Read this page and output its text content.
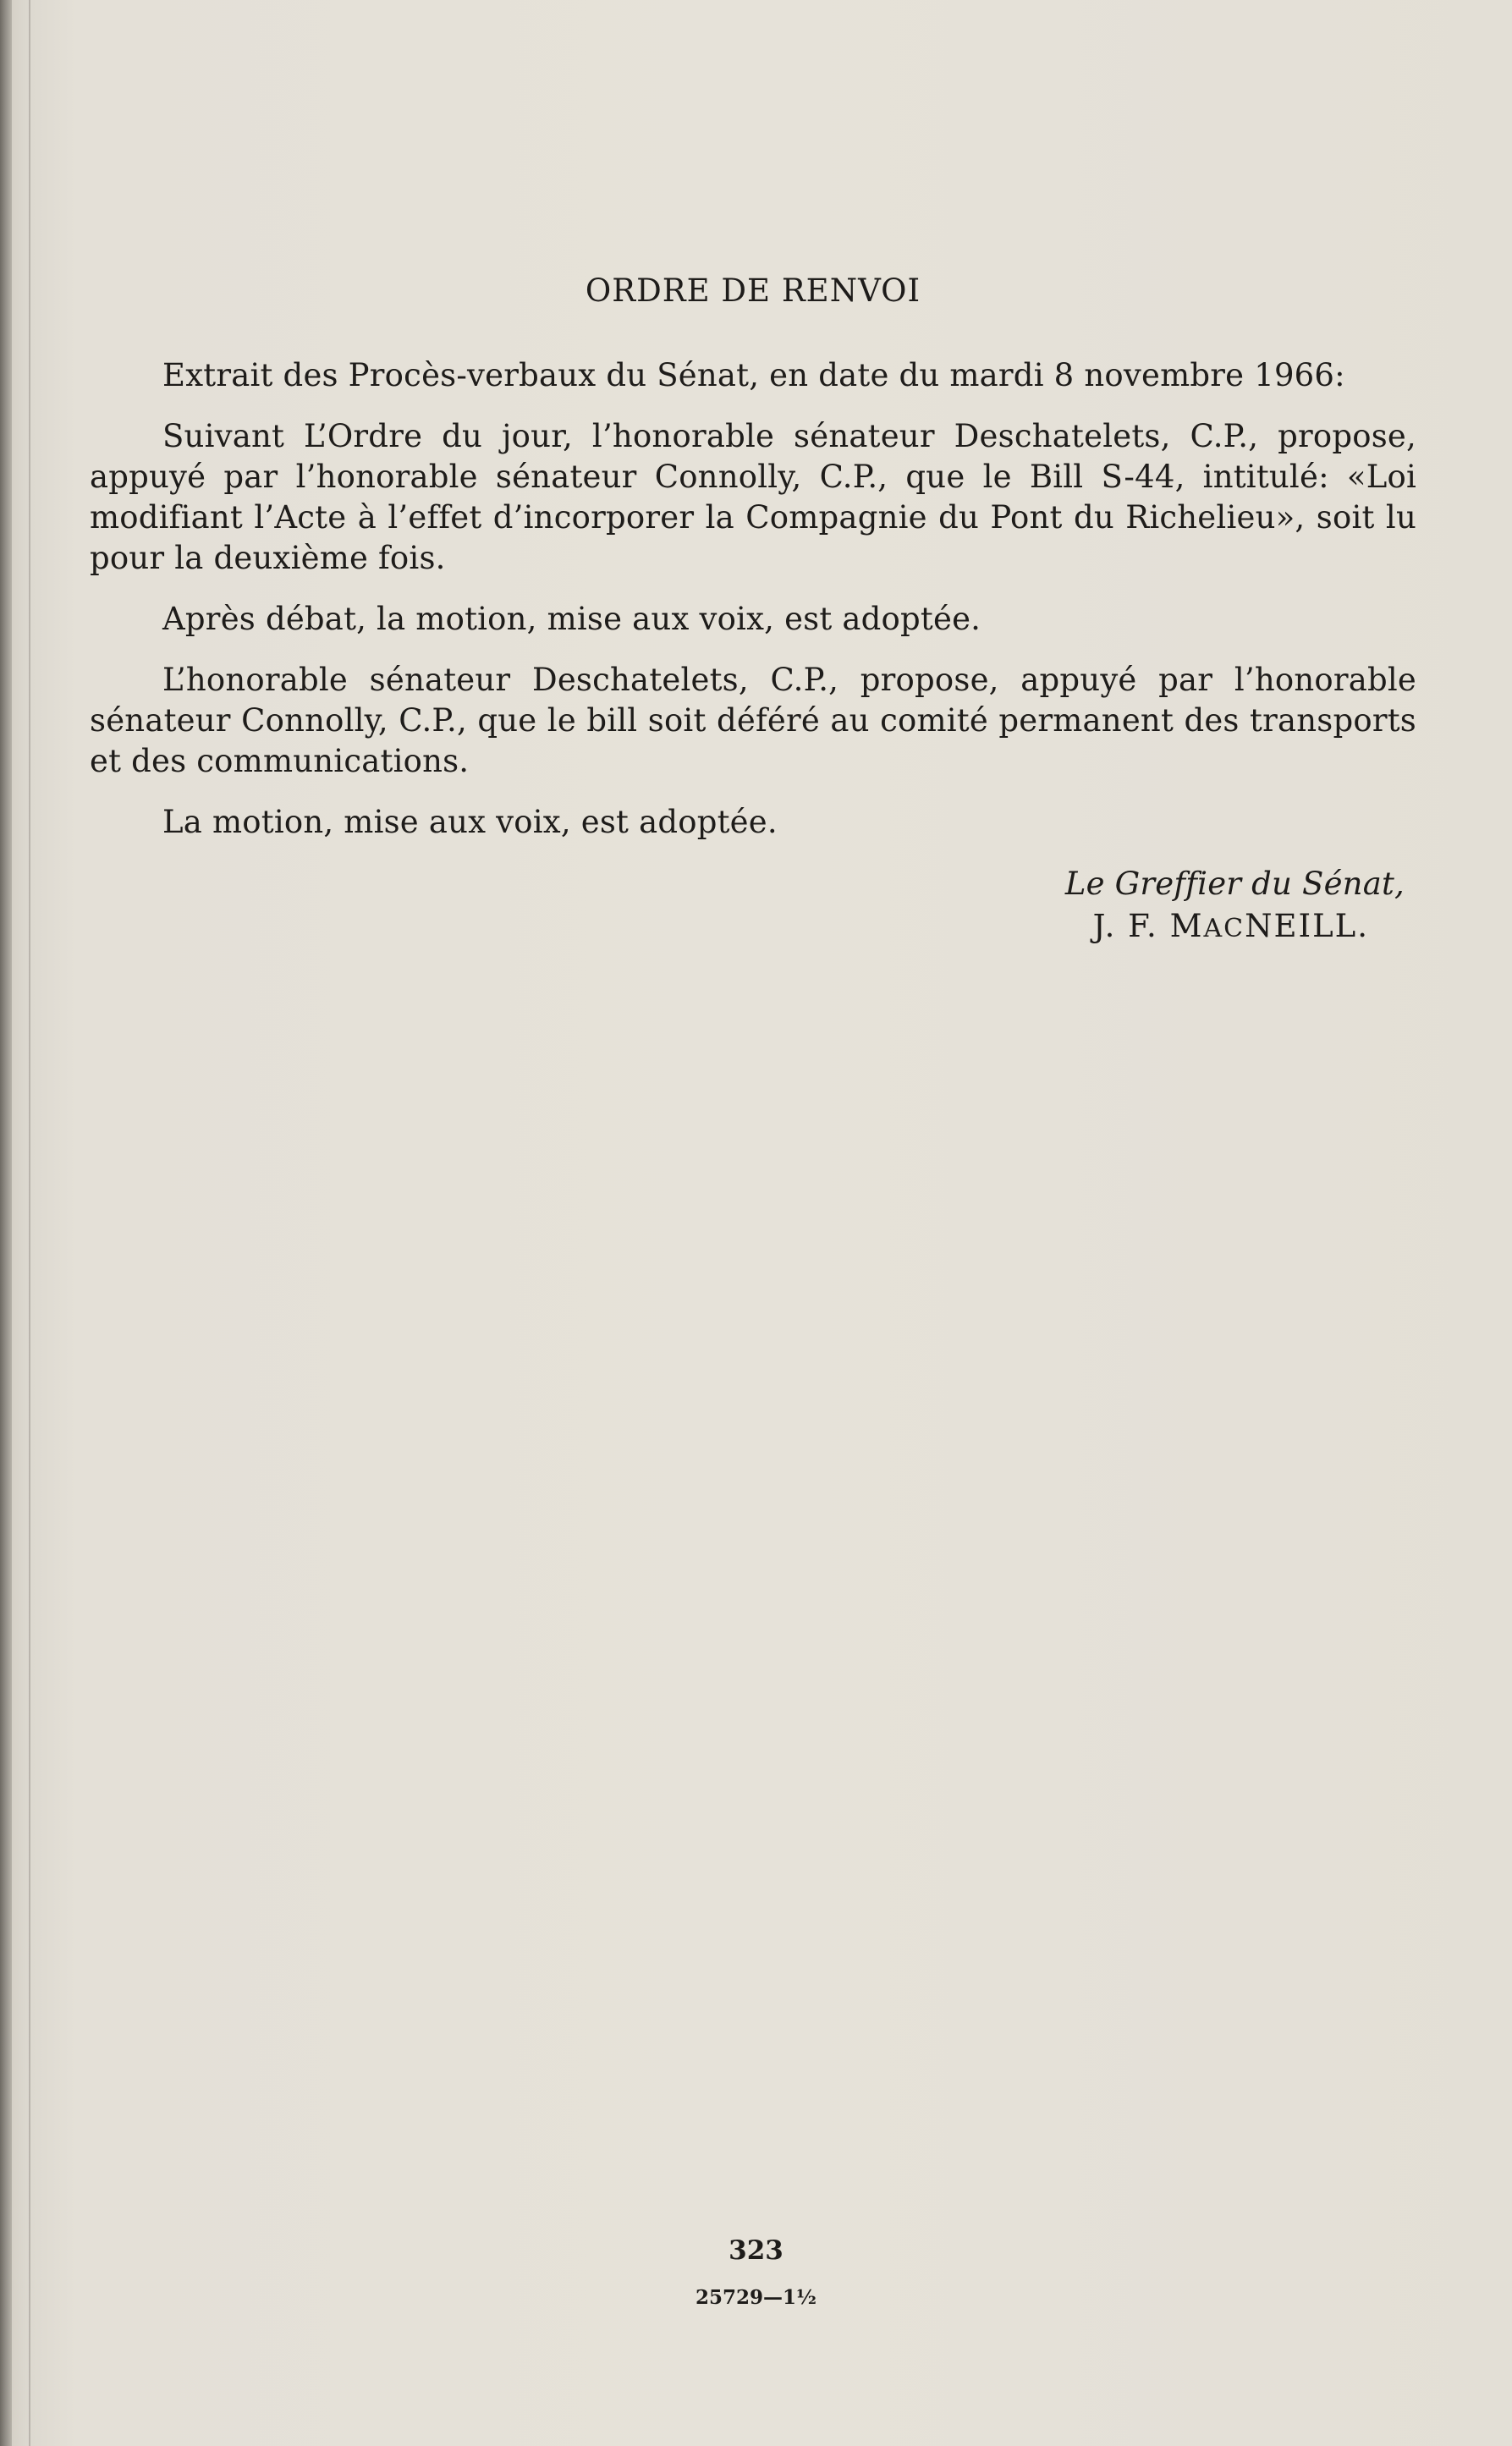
ORDRE DE RENVOI

Extrait des Procès-verbaux du Sénat, en date du mardi 8 novembre 1966:

Suivant L’Ordre du jour, l’honorable sénateur Deschatelets, C.P., propose, appuyé par l’honorable sénateur Connolly, C.P., que le Bill S-44, intitulé: «Loi modifiant l’Acte à l’effet d’incorporer la Compagnie du Pont du Richelieu», soit lu pour la deuxième fois.

Après débat, la motion, mise aux voix, est adoptée.

L’honorable sénateur Deschatelets, C.P., propose, appuyé par l’honorable sénateur Connolly, C.P., que le bill soit déféré au comité permanent des transports et des communications.

La motion, mise aux voix, est adoptée.

Le Greffier du Sénat,
J. F. MACNEILL.
323
25729—1½
